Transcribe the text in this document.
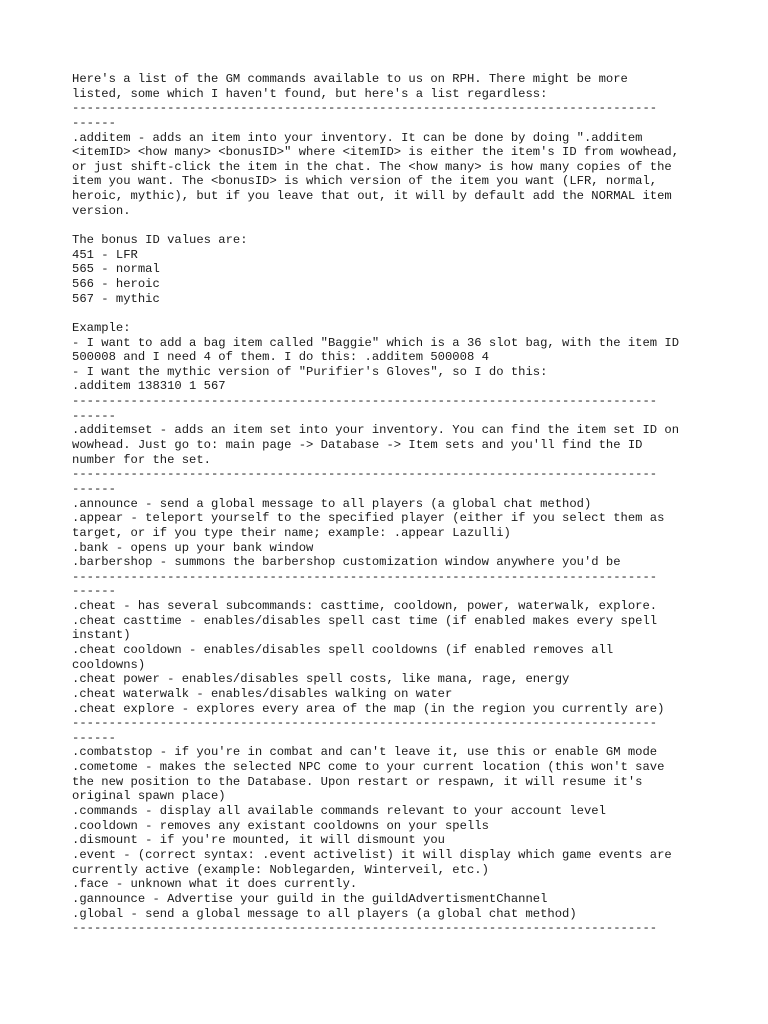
Here's a list of the GM commands available to us on RPH. There might be more
listed, some which I haven't found, but here's a list regardless:
--------------------------------------------------------------------------------
------
.additem - adds an item into your inventory. It can be done by doing ".additem
<itemID> <how many> <bonusID>" where <itemID> is either the item's ID from wowhead,
or just shift-click the item in the chat. The <how many> is how many copies of the
item you want. The <bonusID> is which version of the item you want (LFR, normal,
heroic, mythic), but if you leave that out, it will by default add the NORMAL item
version.
The bonus ID values are:
451 - LFR
565 - normal
566 - heroic
567 - mythic
Example:
- I want to add a bag item called "Baggie" which is a 36 slot bag, with the item ID
500008 and I need 4 of them. I do this: .additem 500008 4
- I want the mythic version of "Purifier's Gloves", so I do this:
.additem 138310 1 567
--------------------------------------------------------------------------------
------
.additemset - adds an item set into your inventory. You can find the item set ID on
wowhead. Just go to: main page -> Database -> Item sets and you'll find the ID
number for the set.
--------------------------------------------------------------------------------
------
.announce - send a global message to all players (a global chat method)
.appear - teleport yourself to the specified player (either if you select them as
target, or if you type their name; example: .appear Lazulli)
.bank - opens up your bank window
.barbershop - summons the barbershop customization window anywhere you'd be
--------------------------------------------------------------------------------
------
.cheat - has several subcommands: casttime, cooldown, power, waterwalk, explore.
.cheat casttime - enables/disables spell cast time (if enabled makes every spell
instant)
.cheat cooldown - enables/disables spell cooldowns (if enabled removes all
cooldowns)
.cheat power - enables/disables spell costs, like mana, rage, energy
.cheat waterwalk - enables/disables walking on water
.cheat explore - explores every area of the map (in the region you currently are)
--------------------------------------------------------------------------------
------
.combatstop - if you're in combat and can't leave it, use this or enable GM mode
.cometome - makes the selected NPC come to your current location (this won't save
the new position to the Database. Upon restart or respawn, it will resume it's
original spawn place)
.commands - display all available commands relevant to your account level
.cooldown - removes any existant cooldowns on your spells
.dismount - if you're mounted, it will dismount you
.event - (correct syntax: .event activelist) it will display which game events are
currently active (example: Noblegarden, Winterveil, etc.)
.face - unknown what it does currently.
.gannounce - Advertise your guild in the guildAdvertismentChannel
.global - send a global message to all players (a global chat method)
--------------------------------------------------------------------------------
